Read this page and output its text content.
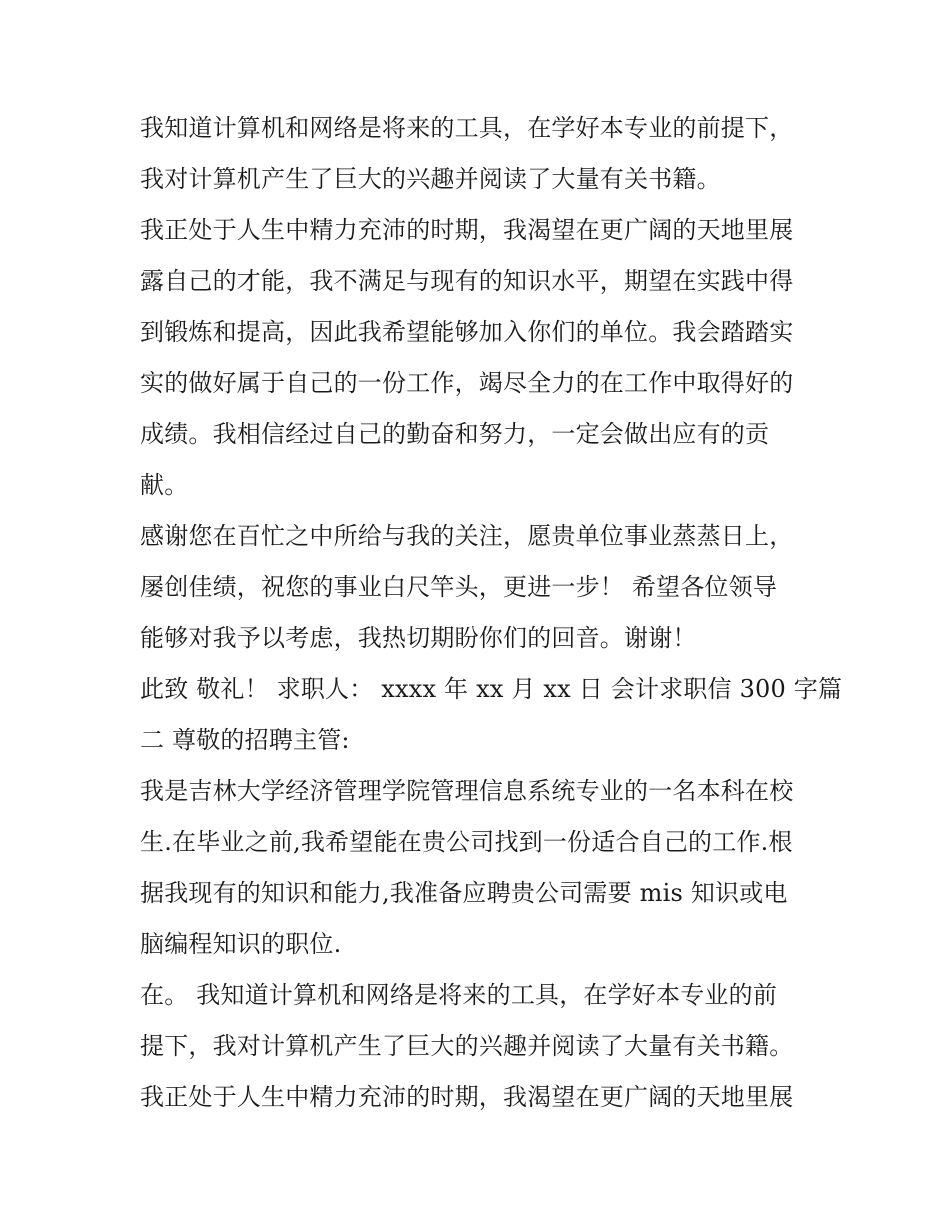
我知道计算机和网络是将来的工具，在学好本专业的前提下，
我对计算机产生了巨大的兴趣并阅读了大量有关书籍。
我正处于人生中精力充沛的时期，我渴望在更广阔的天地里展
露自己的才能，我不满足与现有的知识水平，期望在实践中得
到锻炼和提高，因此我希望能够加入你们的单位。我会踏踏实
实的做好属于自己的一份工作，竭尽全力的在工作中取得好的
成绩。我相信经过自己的勤奋和努力，一定会做出应有的贡
献。
感谢您在百忙之中所给与我的关注，愿贵单位事业蒸蒸日上，
屡创佳绩，祝您的事业白尺竿头，更进一步！ 希望各位领导
能够对我予以考虑，我热切期盼你们的回音。谢谢！
此致 敬礼！ 求职人： xxxx 年 xx 月 xx 日 会计求职信 300 字篇
二 尊敬的招聘主管:
我是吉林大学经济管理学院管理信息系统专业的一名本科在校
生.在毕业之前,我希望能在贵公司找到一份适合自己的工作.根
据我现有的知识和能力,我准备应聘贵公司需要 mis 知识或电
脑编程知识的职位.
在。 我知道计算机和网络是将来的工具，在学好本专业的前
提下，我对计算机产生了巨大的兴趣并阅读了大量有关书籍。
我正处于人生中精力充沛的时期，我渴望在更广阔的天地里展
